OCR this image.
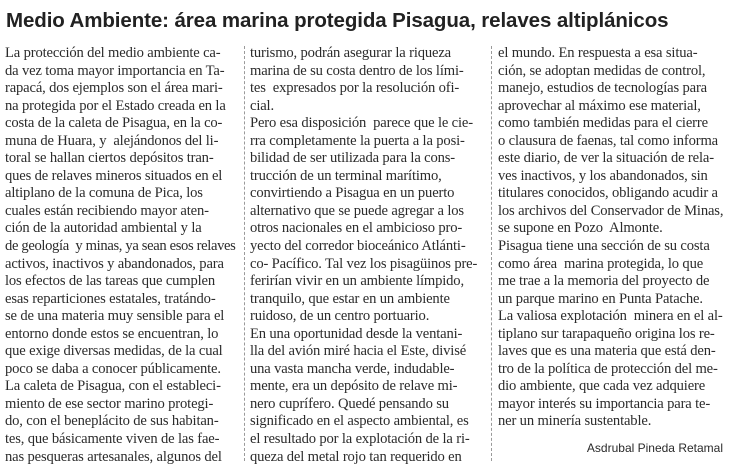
Medio Ambiente: área marina protegida Pisagua, relaves altiplánicos
La protección del medio ambiente ca-
da vez toma mayor importancia en Ta-
rapacá, dos ejemplos son el área mari-
na protegida por el Estado creada en la
costa de la caleta de Pisagua, en la co-
muna de Huara, y  alejándonos del li-
toral se hallan ciertos depósitos tran-
ques de relaves mineros situados en el
altiplano de la comuna de Pica, los
cuales están recibiendo mayor aten-
ción de la autoridad ambiental y la
de geología  y minas, ya sean esos relaves
activos, inactivos y abandonados, para
los efectos de las tareas que cumplen
esas reparticiones estatales, tratándo-
se de una materia muy sensible para el
entorno donde estos se encuentran, lo
que exige diversas medidas, de la cual
poco se daba a conocer públicamente.
La caleta de Pisagua, con el estableci-
miento de ese sector marino protegi-
do, con el beneplácito de sus habitan-
tes, que básicamente viven de las fae-
nas pesqueras artesanales, algunos del
turismo, podrán asegurar la riqueza
marina de su costa dentro de los lími-
tes  expresados por la resolución ofi-
cial.
Pero esa disposición  parece que le cie-
rra completamente la puerta a la posi-
bilidad de ser utilizada para la cons-
trucción de un terminal marítimo,
convirtiendo a Pisagua en un puerto
alternativo que se puede agregar a los
otros nacionales en el ambicioso pro-
yecto del corredor bioceánico Atlánti-
co- Pacífico. Tal vez los pisagüinos pre-
ferirían vivir en un ambiente límpido,
tranquilo, que estar en un ambiente
ruidoso, de un centro portuario.
En una oportunidad desde la ventani-
lla del avión miré hacia el Este, divisé
una vasta mancha verde, indudable-
mente, era un depósito de relave mi-
nero cuprífero. Quedé pensando su
significado en el aspecto ambiental, es
el resultado por la explotación de la ri-
queza del metal rojo tan requerido en
el mundo. En respuesta a esa situa-
ción, se adoptan medidas de control,
manejo, estudios de tecnologías para
aprovechar al máximo ese material,
como también medidas para el cierre
o clausura de faenas, tal como informa
este diario, de ver la situación de rela-
ves inactivos, y los abandonados, sin
titulares conocidos, obligando acudir a
los archivos del Conservador de Minas,
se supone en Pozo  Almonte.
Pisagua tiene una sección de su costa
como área  marina protegida, lo que
me trae a la memoria del proyecto de
un parque marino en Punta Patache.
La valiosa explotación  minera en el al-
tiplano sur tarapaqueño origina los re-
laves que es una materia que está den-
tro de la política de protección del me-
dio ambiente, que cada vez adquiere
mayor interés su importancia para te-
ner un minería sustentable.
Asdrubal Pineda Retamal
